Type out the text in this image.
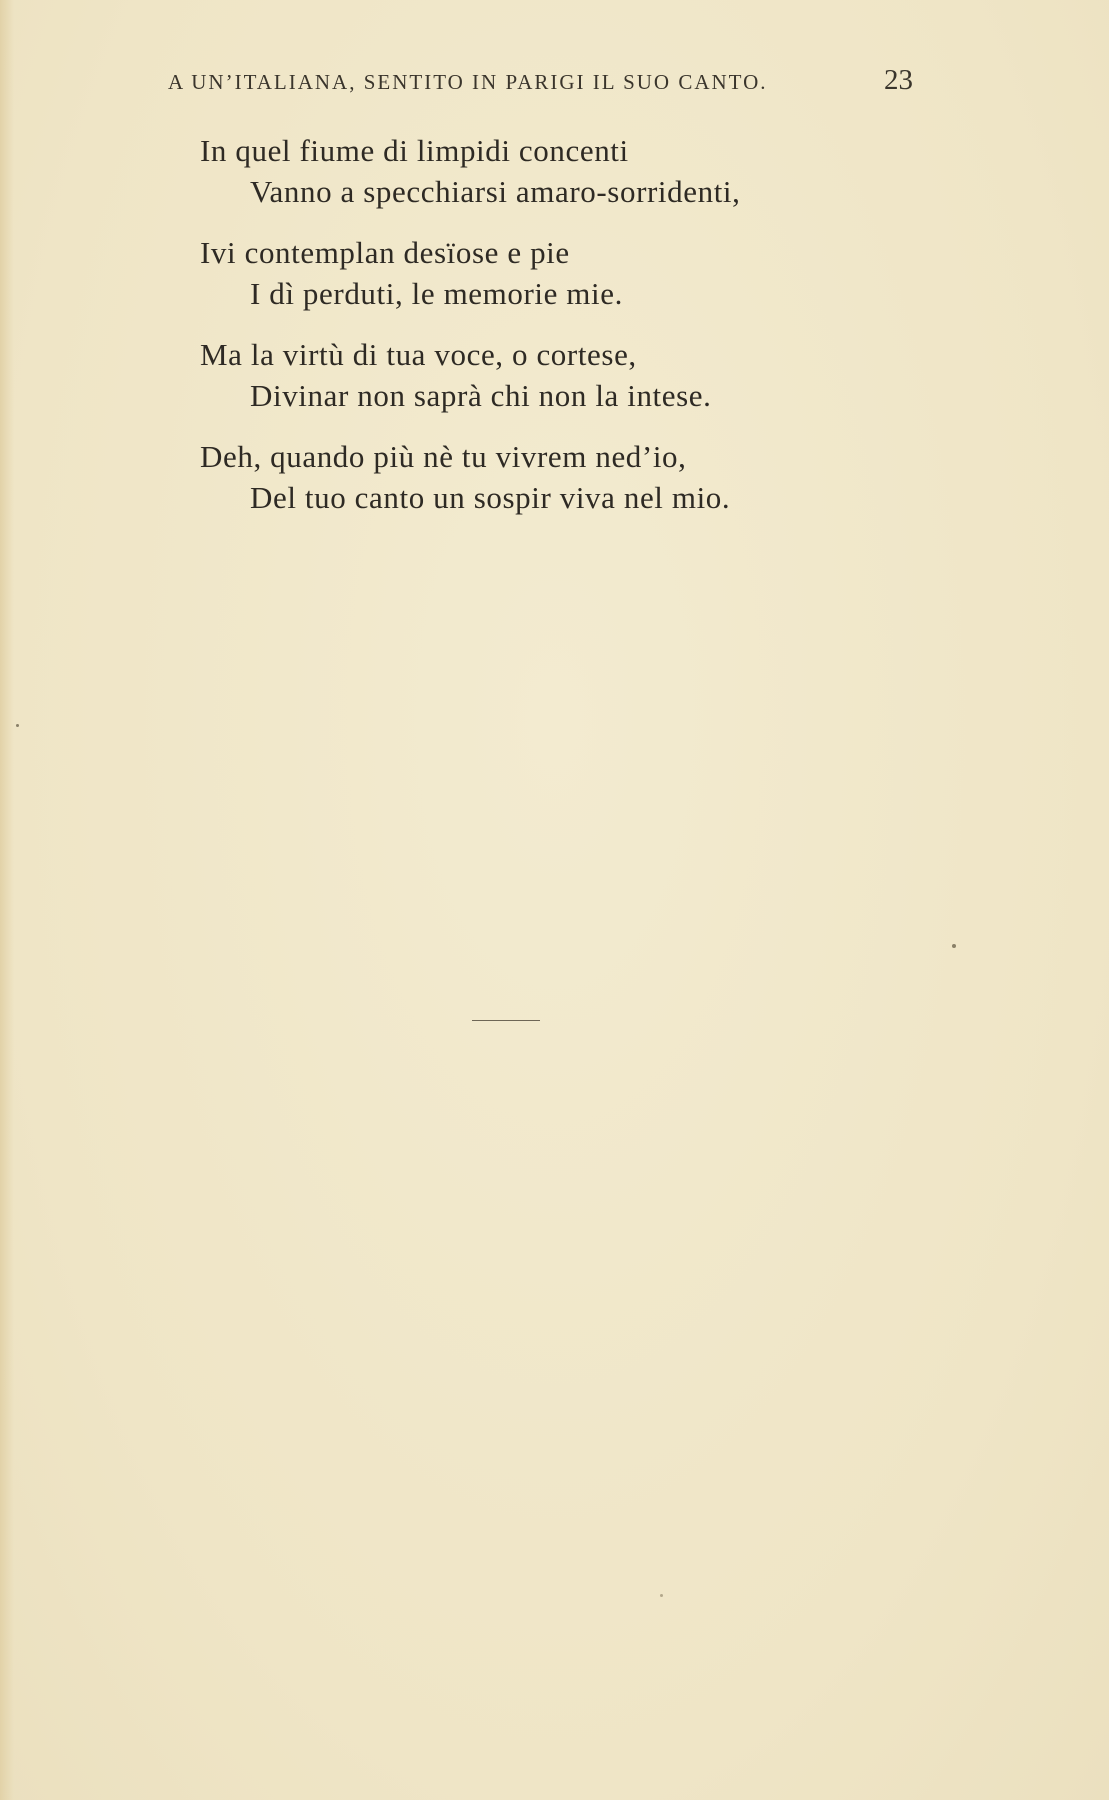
A UN’ITALIANA, SENTITO IN PARIGI IL SUO CANTO.	23
In quel fiume di limpidi concenti
Vanno a specchiarsi amaro-sorridenti,
Ivi contemplan desïose e pie
I dì perduti, le memorie mie.
Ma la virtù di tua voce, o cortese,
Divinar non saprà chi non la intese.
Deh, quando più nè tu vivrem ned’io,
Del tuo canto un sospir viva nel mio.
